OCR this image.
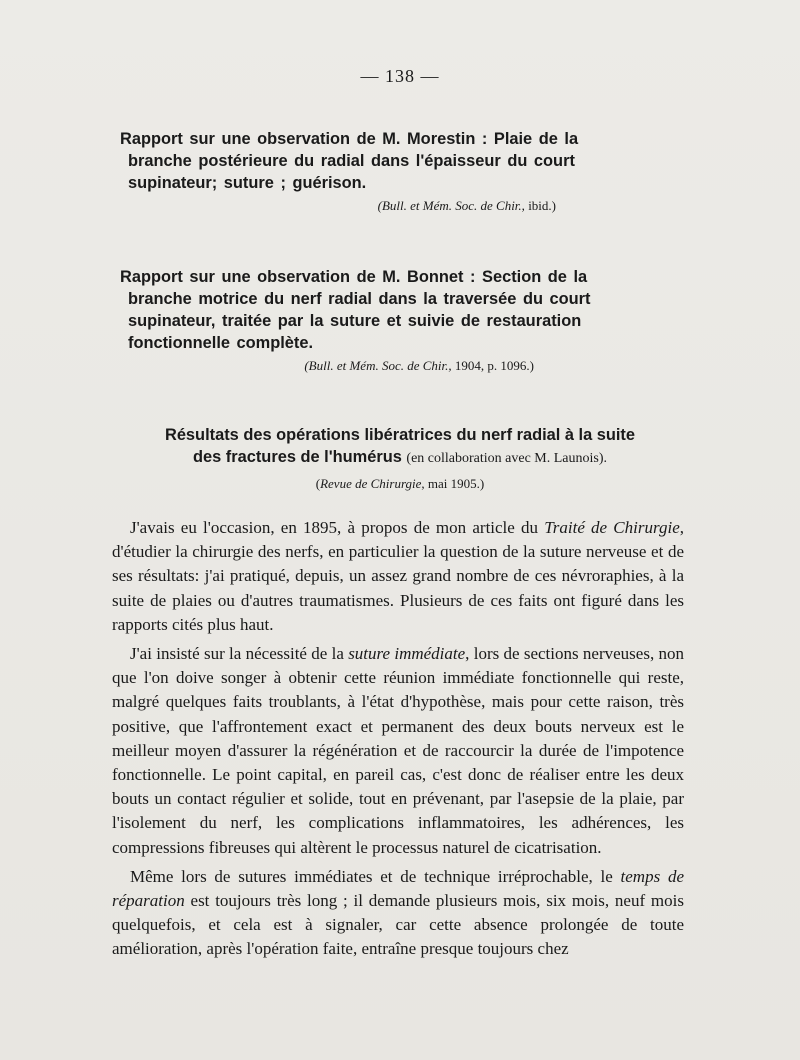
— 138 —

Rapport sur une observation de M. Morestin : Plaie de la
branche postérieure du radial dans l'épaisseur du court
supinateur; suture ; guérison.

(Bull. et Mém. Soc. de Chir., ibid.)

Rapport sur une observation de M. Bonnet : Section de la
branche motrice du nerf radial dans la traversée du court
supinateur, traitée par la suture et suivie de restauration
fonctionnelle complète.

(Bull. et Mém. Soc. de Chir., 1904, p. 1096.)

Résultats des opérations libératrices du nerf radial à la suite
des fractures de l'humérus (en collaboration avec M. Launois).

(Revue de Chirurgie, mai 1905.)

J'avais eu l'occasion, en 1895, à propos de mon article du Traité de Chirurgie, d'étudier la chirurgie des nerfs, en particulier la question de la suture nerveuse et de ses résultats: j'ai pratiqué, depuis, un assez grand nombre de ces névroraphies, à la suite de plaies ou d'autres traumatismes. Plusieurs de ces faits ont figuré dans les rapports cités plus haut.

J'ai insisté sur la nécessité de la suture immédiate, lors de sections nerveuses, non que l'on doive songer à obtenir cette réunion immédiate fonctionnelle qui reste, malgré quelques faits troublants, à l'état d'hypothèse, mais pour cette raison, très positive, que l'affrontement exact et permanent des deux bouts nerveux est le meilleur moyen d'assurer la régénération et de raccourcir la durée de l'impotence fonctionnelle. Le point capital, en pareil cas, c'est donc de réaliser entre les deux bouts un contact régulier et solide, tout en prévenant, par l'asepsie de la plaie, par l'isolement du nerf, les complications inflammatoires, les adhérences, les compressions fibreuses qui altèrent le processus naturel de cicatrisation.

Même lors de sutures immédiates et de technique irréprochable, le temps de réparation est toujours très long ; il demande plusieurs mois, six mois, neuf mois quelquefois, et cela est à signaler, car cette absence prolongée de toute amélioration, après l'opération faite, entraîne presque toujours chez
